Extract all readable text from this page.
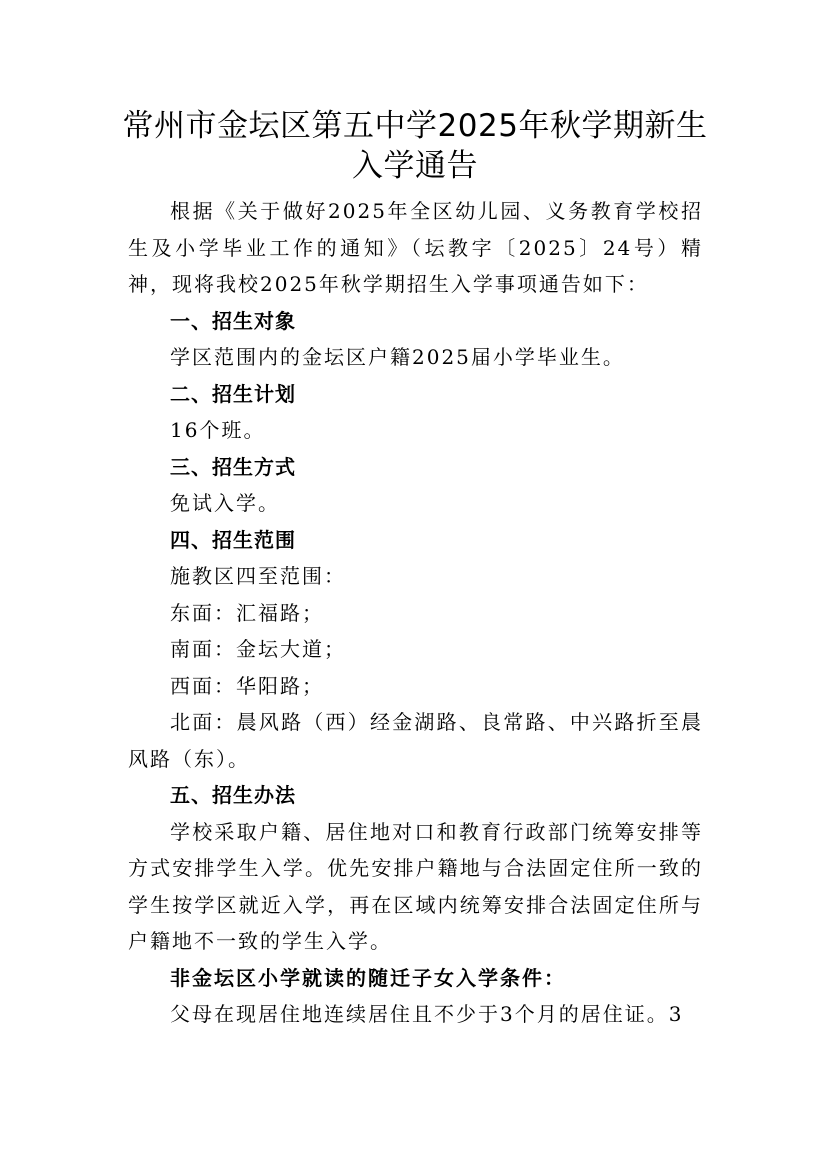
常州市金坛区第五中学2025年秋学期新生
入学通告

根据《关于做好2025年全区幼儿园、义务教育学校招生及小学毕业工作的通知》（坛教字〔2025〕24号）精神，现将我校2025年秋学期招生入学事项通告如下：

一、招生对象

学区范围内的金坛区户籍2025届小学毕业生。

二、招生计划

16个班。

三、招生方式

免试入学。

四、招生范围

施教区四至范围：

东面：汇福路；

南面：金坛大道；

西面：华阳路；

北面：晨风路（西）经金湖路、良常路、中兴路折至晨风路（东）。

五、招生办法

学校采取户籍、居住地对口和教育行政部门统筹安排等方式安排学生入学。优先安排户籍地与合法固定住所一致的学生按学区就近入学，再在区域内统筹安排合法固定住所与户籍地不一致的学生入学。

非金坛区小学就读的随迁子女入学条件：

父母在现居住地连续居住且不少于3个月的居住证。3
